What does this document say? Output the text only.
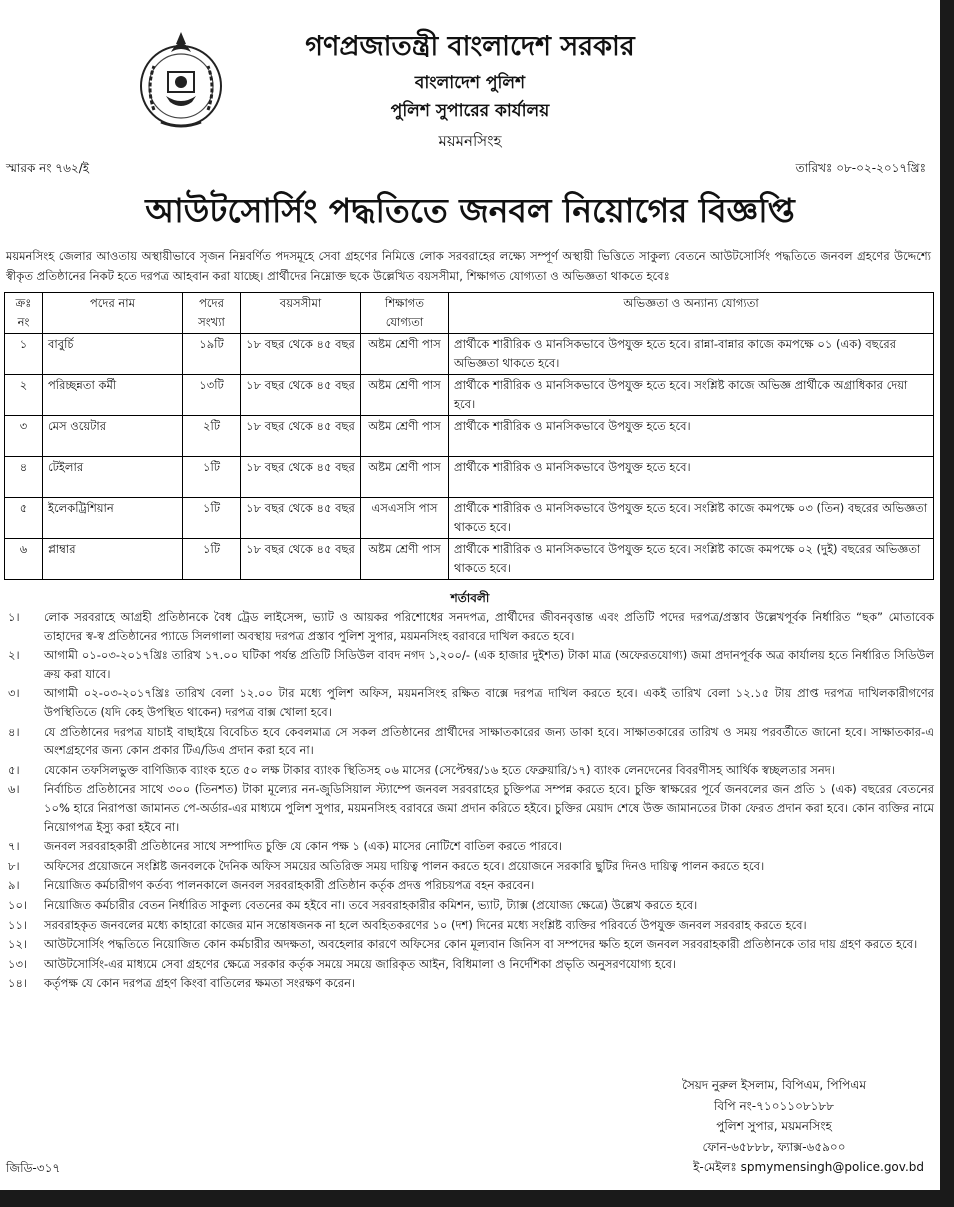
গণপ্রজাতন্ত্রী বাংলাদেশ সরকার
বাংলাদেশ পুলিশ
পুলিশ সুপারের কার্যালয়
ময়মনসিংহ
স্মারক নং ৭৬২/ই	তারিখঃ ০৮-০২-২০১৭খ্রিঃ
আউটসোর্সিং পদ্ধতিতে জনবল নিয়োগের বিজ্ঞপ্তি
ময়মনসিংহ জেলার আওতায় অস্থায়ীভাবে সৃজন নিম্নবর্ণিত পদসমূহে সেবা গ্রহণের নিমিত্তে লোক সরবরাহের লক্ষ্যে সম্পূর্ণ অস্থায়ী ভিত্তিতে সাকুল্য বেতনে আউটসোর্সিং পদ্ধতিতে জনবল গ্রহণের উদ্দেশ্যে স্বীকৃত প্রতিষ্ঠানের নিকট হতে দরপত্র আহবান করা যাচ্ছে। প্রার্থীদের নিম্নোক্ত ছকে উল্লেখিত বয়সসীমা, শিক্ষাগত যোগ্যতা ও অভিজ্ঞতা থাকতে হবেঃ
ক্রঃ নং	পদের নাম	পদের সংখ্যা	বয়সসীমা	শিক্ষাগত যোগ্যতা	অভিজ্ঞতা ও অন্যান্য যোগ্যতা
১	বাবুর্চি	১৯টি	১৮ বছর থেকে ৪৫ বছর	অষ্টম শ্রেণী পাস	প্রার্থীকে শারীরিক ও মানসিকভাবে উপযুক্ত হতে হবে। রান্না-বান্নার কাজে কমপক্ষে ০১ (এক) বছরের অভিজ্ঞতা থাকতে হবে।
২	পরিচ্ছন্নতা কর্মী	১৩টি	১৮ বছর থেকে ৪৫ বছর	অষ্টম শ্রেণী পাস	প্রার্থীকে শারীরিক ও মানসিকভাবে উপযুক্ত হতে হবে। সংশ্লিষ্ট কাজে অভিজ্ঞ প্রার্থীকে অগ্রাধিকার দেয়া হবে।
৩	মেস ওয়েটার	২টি	১৮ বছর থেকে ৪৫ বছর	অষ্টম শ্রেণী পাস	প্রার্থীকে শারীরিক ও মানসিকভাবে উপযুক্ত হতে হবে।
৪	টেইলার	১টি	১৮ বছর থেকে ৪৫ বছর	অষ্টম শ্রেণী পাস	প্রার্থীকে শারীরিক ও মানসিকভাবে উপযুক্ত হতে হবে।
৫	ইলেকট্রিশিয়ান	১টি	১৮ বছর থেকে ৪৫ বছর	এসএসসি পাস	প্রার্থীকে শারীরিক ও মানসিকভাবে উপযুক্ত হতে হবে। সংশ্লিষ্ট কাজে কমপক্ষে ০৩ (তিন) বছরের অভিজ্ঞতা থাকতে হবে।
৬	প্লাম্বার	১টি	১৮ বছর থেকে ৪৫ বছর	অষ্টম শ্রেণী পাস	প্রার্থীকে শারীরিক ও মানসিকভাবে উপযুক্ত হতে হবে। সংশ্লিষ্ট কাজে কমপক্ষে ০২ (দুই) বছরের অভিজ্ঞতা থাকতে হবে।
শর্তাবলী
১।	লোক সরবরাহে আগ্রহী প্রতিষ্ঠানকে বৈধ ট্রেড লাইসেন্স, ভ্যাট ও আয়কর পরিশোধের সনদপত্র, প্রার্থীদের জীবনবৃত্তান্ত এবং প্রতিটি পদের দরপত্র/প্রস্তাব উল্লেখপূর্বক নির্ধারিত “ছক” মোতাবেক তাহাদের স্ব-স্ব প্রতিষ্ঠানের প্যাডে সিলগালা অবস্থায় দরপত্র প্রস্তাব পুলিশ সুপার, ময়মনসিংহ বরাবরে দাখিল করতে হবে।
২।	আগামী ০১-০৩-২০১৭খ্রিঃ তারিখ ১৭.০০ ঘটিকা পর্যন্ত প্রতিটি সিডিউল বাবদ নগদ ১,২০০/- (এক হাজার দুইশত) টাকা মাত্র (অফেরতযোগ্য) জমা প্রদানপূর্বক অত্র কার্যালয় হতে নির্ধারিত সিডিউল ক্রয় করা যাবে।
৩।	আগামী ০২-০৩-২০১৭খ্রিঃ তারিখ বেলা ১২.০০ টার মধ্যে পুলিশ অফিস, ময়মনসিংহ রক্ষিত বাক্সে দরপত্র দাখিল করতে হবে। একই তারিখ বেলা ১২.১৫ টায় প্রাপ্ত দরপত্র দাখিলকারীগণের উপস্থিতিতে (যদি কেহ উপস্থিত থাকেন) দরপত্র বাক্স খোলা হবে।
৪।	যে প্রতিষ্ঠানের দরপত্র যাচাই বাছাইয়ে বিবেচিত হবে কেবলমাত্র সে সকল প্রতিষ্ঠানের প্রার্থীদের সাক্ষাতকারের জন্য ডাকা হবে। সাক্ষাতকারের তারিখ ও সময় পরবর্তীতে জানো হবে। সাক্ষাতকার-এ অংশগ্রহণের জন্য কোন প্রকার টিএ/ডিএ প্রদান করা হবে না।
৫।	যেকোন তফসিলভুক্ত বাণিজ্যিক ব্যাংক হতে ৫০ লক্ষ টাকার ব্যাংক স্থিতিসহ ০৬ মাসের (সেপ্টেম্বর/১৬ হতে ফেব্রুয়ারি/১৭) ব্যাংক লেনদেনের বিবরণীসহ আর্থিক স্বচ্ছলতার সনদ।
৬।	নির্বাচিত প্রতিষ্ঠানের সাথে ৩০০ (তিনশত) টাকা মূল্যের নন-জুডিসিয়াল স্ট্যাম্পে জনবল সরবরাহের চুক্তিপত্র সম্পন্ন করতে হবে। চুক্তি স্বাক্ষরের পূর্বে জনবলের জন প্রতি ১ (এক) বছরের বেতনের ১০% হারে নিরাপত্তা জামানত পে-অর্ডার-এর মাধ্যমে পুলিশ সুপার, ময়মনসিংহ বরাবরে জমা প্রদান করিতে হইবে। চুক্তির মেয়াদ শেষে উক্ত জামানতের টাকা ফেরত প্রদান করা হবে। কোন ব্যক্তির নামে নিয়োগপত্র ইস্যু করা হইবে না।
৭।	জনবল সরবরাহকারী প্রতিষ্ঠানের সাথে সম্পাদিত চুক্তি যে কোন পক্ষ ১ (এক) মাসের নোটিশে বাতিল করতে পারবে।
৮।	অফিসের প্রয়োজনে সংশ্লিষ্ট জনবলকে দৈনিক অফিস সময়ের অতিরিক্ত সময় দায়িত্ব পালন করতে হবে। প্রয়োজনে সরকারি ছুটির দিনও দায়িত্ব পালন করতে হবে।
৯।	নিয়োজিত কর্মচারীগণ কর্তব্য পালনকালে জনবল সরবরাহকারী প্রতিষ্ঠান কর্তৃক প্রদত্ত পরিচয়পত্র বহন করবেন।
১০।	নিয়োজিত কর্মচারীর বেতন নির্ধারিত সাকুল্য বেতনের কম হইবে না। তবে সরবরাহকারীর কমিশন, ভ্যাট, ট্যাক্স (প্রযোজ্য ক্ষেত্রে) উল্লেখ করতে হবে।
১১।	সরবরাহকৃত জনবলের মধ্যে কাহারো কাজের মান সন্তোষজনক না হলে অবহিতকরণের ১০ (দশ) দিনের মধ্যে সংশ্লিষ্ট ব্যক্তির পরিবর্তে উপযুক্ত জনবল সরবরাহ করতে হবে।
১২।	আউটসোর্সিং পদ্ধতিতে নিয়োজিত কোন কর্মচারীর অদক্ষতা, অবহেলার কারণে অফিসের কোন মূল্যবান জিনিস বা সম্পদের ক্ষতি হলে জনবল সরবরাহকারী প্রতিষ্ঠানকে তার দায় গ্রহণ করতে হবে।
১৩।	আউটসোর্সিং-এর মাধ্যমে সেবা গ্রহণের ক্ষেত্রে সরকার কর্তৃক সময়ে সময়ে জারিকৃত আইন, বিধিমালা ও নির্দেশিকা প্রভৃতি অনুসরণযোগ্য হবে।
১৪।	কর্তৃপক্ষ যে কোন দরপত্র গ্রহণ কিংবা বাতিলের ক্ষমতা সংরক্ষণ করেন।
সৈয়দ নুরুল ইসলাম, বিপিএম, পিপিএম
বিপি নং-৭১০১১০৮১৮৮
পুলিশ সুপার, ময়মনসিংহ
ফোন-৬৫৮৮৮, ফ্যাক্স-৬৫৯০০
ই-মেইলঃ spmymensingh@police.gov.bd
জিডি-৩১৭
